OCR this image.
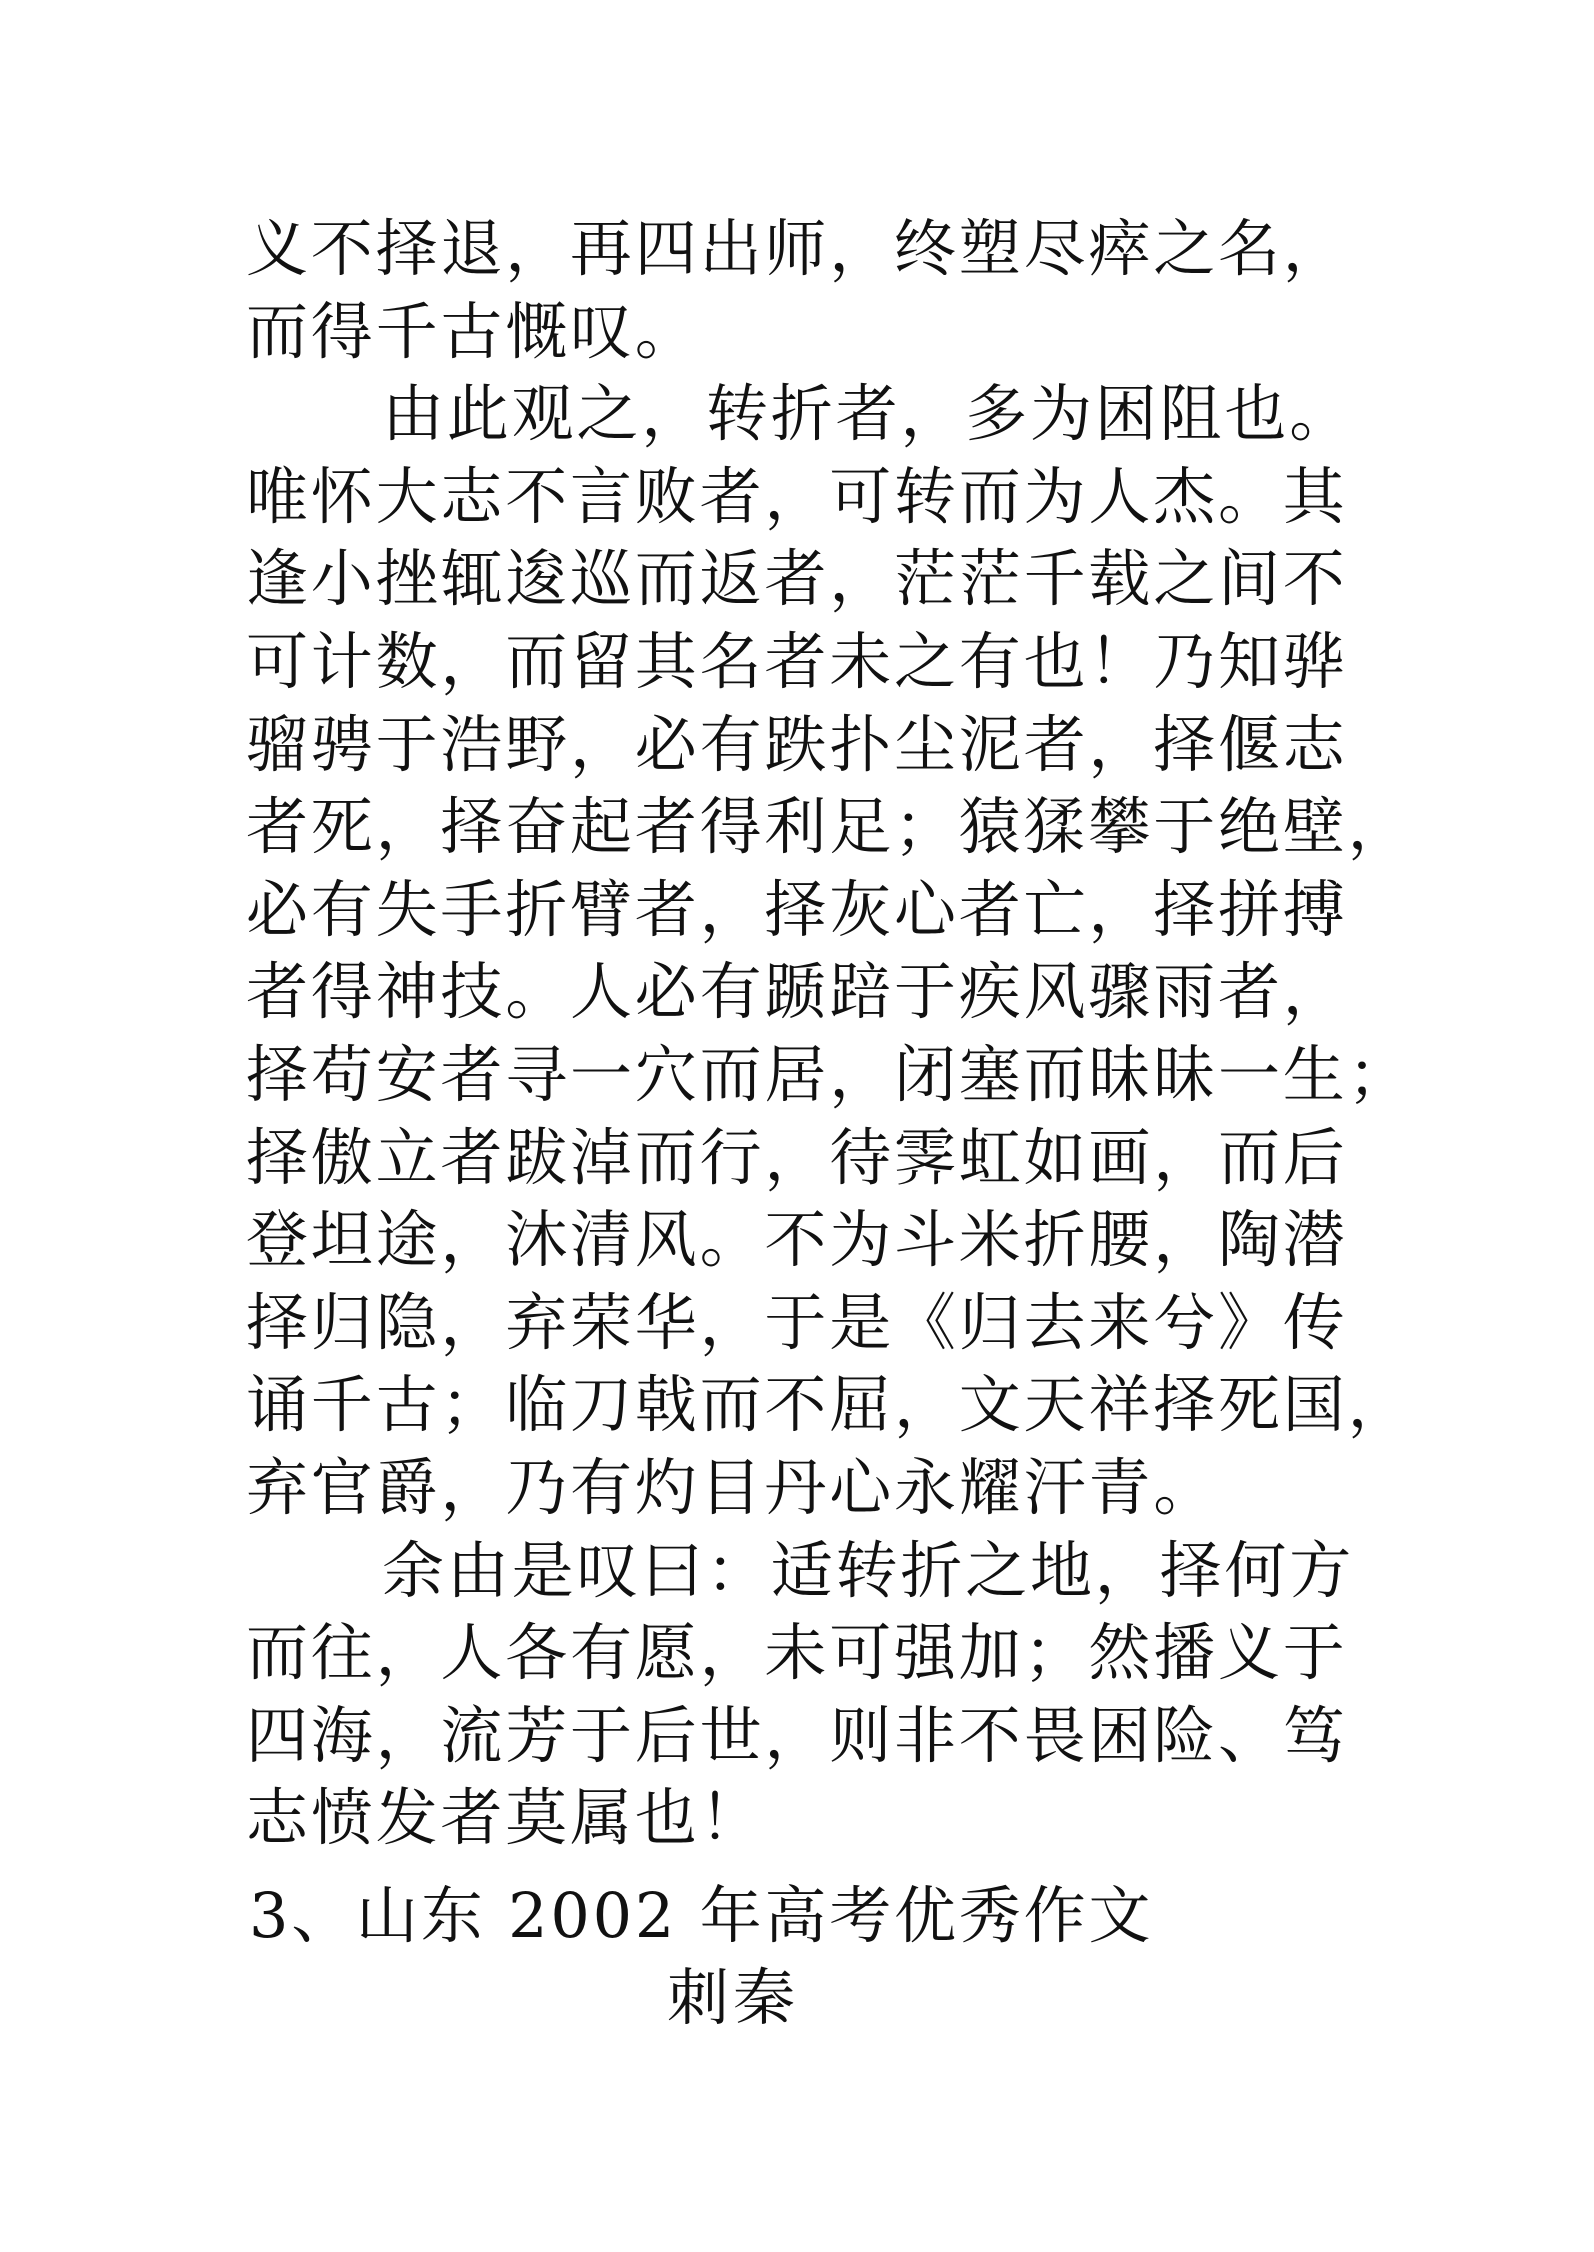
义不择退，再四出师，终塑尽瘁之名，
而得千古慨叹。
由此观之，转折者，多为困阻也。
唯怀大志不言败者，可转而为人杰。其
逢小挫辄逡巡而返者，茫茫千载之间不
可计数，而留其名者未之有也！乃知骅
骝骋于浩野，必有跌扑尘泥者，择偃志
者死，择奋起者得利足；猿猱攀于绝壁，
必有失手折臂者，择灰心者亡，择拼搏
者得神技。人必有踬踣于疾风骤雨者，
择苟安者寻一穴而居，闭塞而昧昧一生；
择傲立者跋淖而行，待霁虹如画，而后
登坦途，沐清风。不为斗米折腰，陶潜
择归隐，弃荣华，于是《归去来兮》传
诵千古；临刀戟而不屈，文天祥择死国，
弃官爵，乃有灼目丹心永耀汗青。
余由是叹曰：适转折之地，择何方
而往，人各有愿，未可强加；然播义于
四海，流芳于后世，则非不畏困险、笃
志愤发者莫属也！
3、山东 2002 年高考优秀作文
刺秦
